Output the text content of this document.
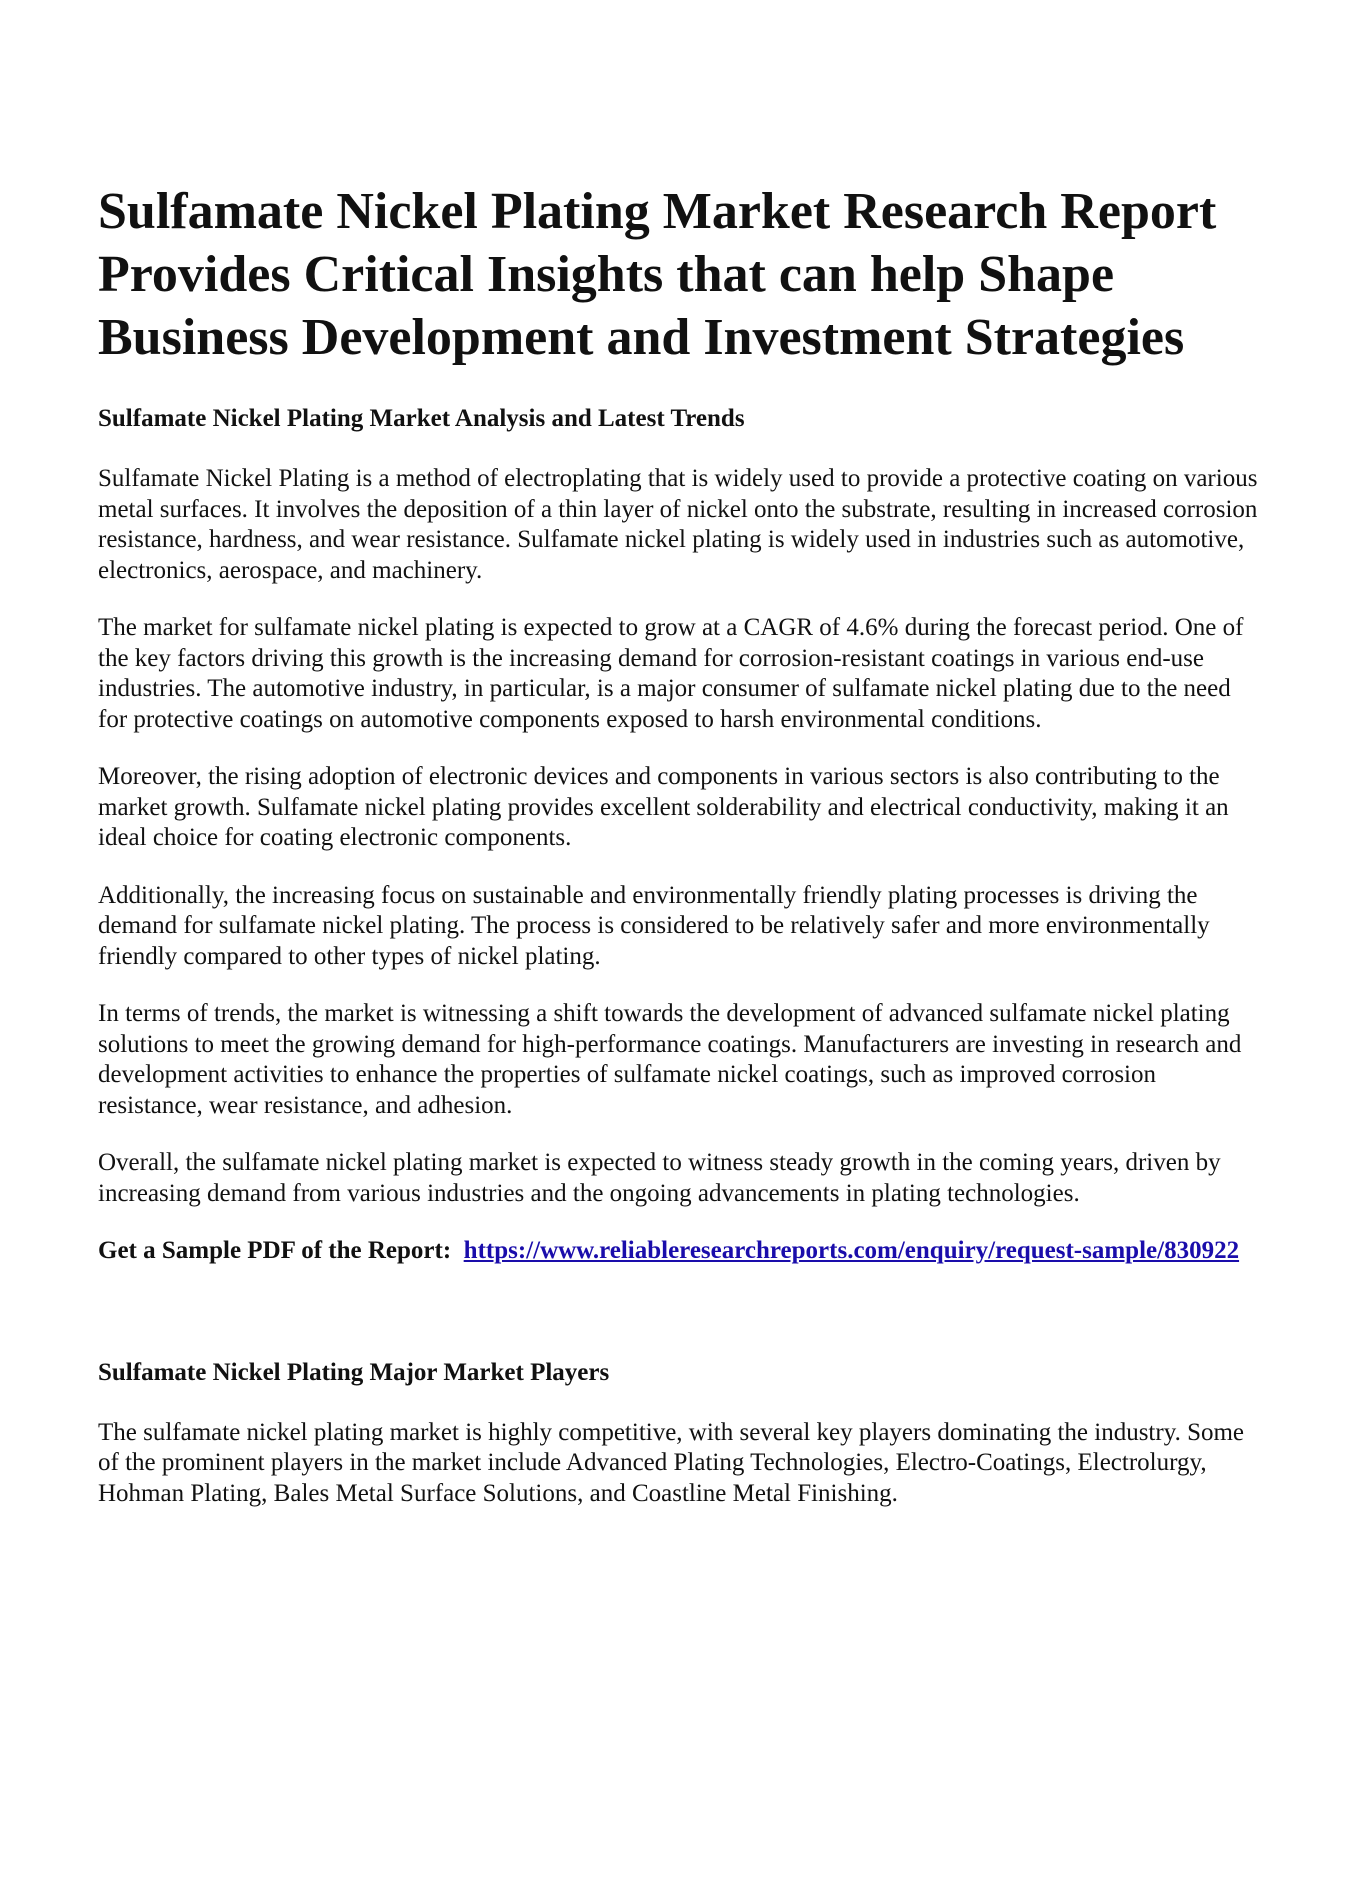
Sulfamate Nickel Plating Market Research Report Provides Critical Insights that can help Shape Business Development and Investment Strategies
Sulfamate Nickel Plating Market Analysis and Latest Trends

Sulfamate Nickel Plating is a method of electroplating that is widely used to provide a protective coating on various metal surfaces. It involves the deposition of a thin layer of nickel onto the substrate, resulting in increased corrosion resistance, hardness, and wear resistance. Sulfamate nickel plating is widely used in industries such as automotive, electronics, aerospace, and machinery.

The market for sulfamate nickel plating is expected to grow at a CAGR of 4.6% during the forecast period. One of the key factors driving this growth is the increasing demand for corrosion-resistant coatings in various end-use industries. The automotive industry, in particular, is a major consumer of sulfamate nickel plating due to the need for protective coatings on automotive components exposed to harsh environmental conditions.

Moreover, the rising adoption of electronic devices and components in various sectors is also contributing to the market growth. Sulfamate nickel plating provides excellent solderability and electrical conductivity, making it an ideal choice for coating electronic components.

Additionally, the increasing focus on sustainable and environmentally friendly plating processes is driving the demand for sulfamate nickel plating. The process is considered to be relatively safer and more environmentally friendly compared to other types of nickel plating.

In terms of trends, the market is witnessing a shift towards the development of advanced sulfamate nickel plating solutions to meet the growing demand for high-performance coatings. Manufacturers are investing in research and development activities to enhance the properties of sulfamate nickel coatings, such as improved corrosion resistance, wear resistance, and adhesion.

Overall, the sulfamate nickel plating market is expected to witness steady growth in the coming years, driven by increasing demand from various industries and the ongoing advancements in plating technologies.

Get a Sample PDF of the Report: https://www.reliableresearchreports.com/enquiry/request-sample/830922
Sulfamate Nickel Plating Major Market Players

The sulfamate nickel plating market is highly competitive, with several key players dominating the industry. Some of the prominent players in the market include Advanced Plating Technologies, Electro-Coatings, Electrolurgy, Hohman Plating, Bales Metal Surface Solutions, and Coastline Metal Finishing.
